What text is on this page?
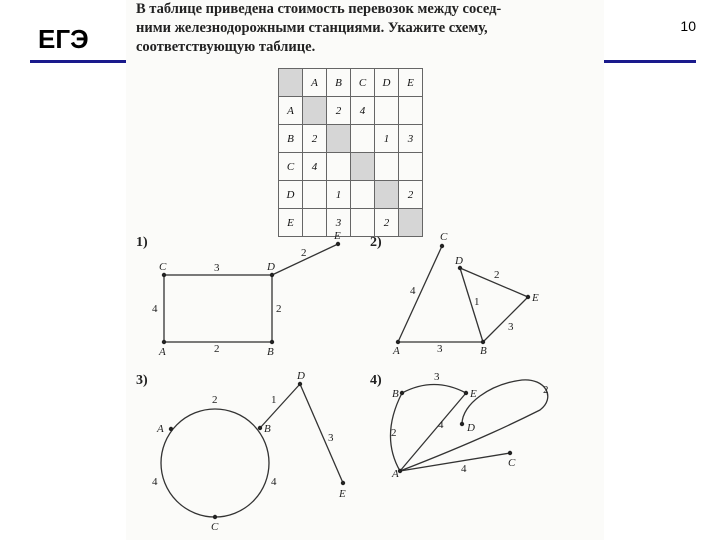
ЕГЭ	10
В таблице приведена стоимость перевозок между сосед-
ними железнодорожными станциями. Укажите схему,
соответствующую таблице.
	A	B	C	D	E
A		2	4		
B	2			1	3
C	4				
D		1			2
E		3		2	
1)	2)
3)	4)
C	D
E
A	B
3
2
4	2
2
C
D
E
A	B
4
2
1
3
3
D
A	B
C
E
2	1
4	4
3
B	E
D
A
C
3
2
2
4
4
